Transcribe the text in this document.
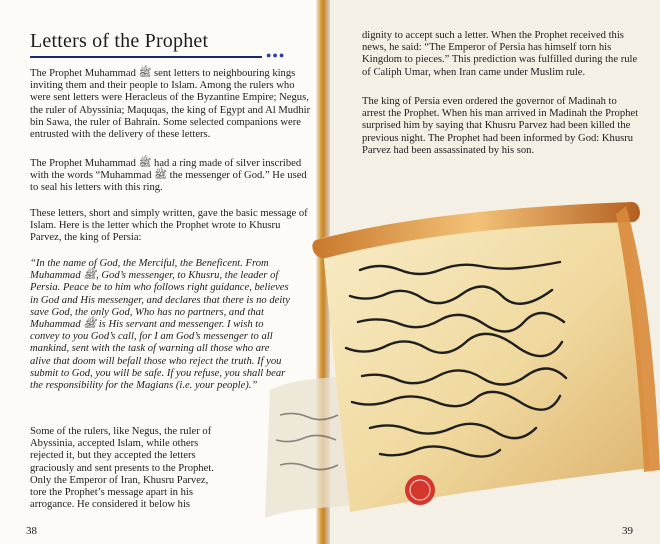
Letters of the Prophet
●●●

The Prophet Muhammad ﷺ sent letters to neighbouring kings inviting them and their people to Islam. Among the rulers who were sent letters were Heracleus of the Byzantine Empire; Negus, the ruler of Abyssinia; Maquqas, the king of Egypt and Al Mudhir bin Sawa, the ruler of Bahrain. Some selected companions were entrusted with the delivery of these letters.

The Prophet Muhammad ﷺ had a ring made of silver inscribed with the words “Muhammad ﷺ the messenger of God.” He used to seal his letters with this ring.

These letters, short and simply written, gave the basic message of Islam. Here is the letter which the Prophet wrote to Khusru Parvez, the king of Persia:

“In the name of God, the Merciful, the Beneficent. From Muhammad ﷺ, God’s messenger, to Khusru, the leader of Persia. Peace be to him who follows right guidance, believes in God and His messenger, and declares that there is no deity save God, the only God, Who has no partners, and that Muhammad ﷺ is His servant and messenger. I wish to convey to you God’s call, for I am God’s messenger to all mankind, sent with the task of warning all those who are alive that doom will befall those who reject the truth. If you submit to God, you will be safe. If you refuse, you shall bear the responsibility for the Magians (i.e. your people).”

Some of the rulers, like Negus, the ruler of Abyssinia, accepted Islam, while others rejected it, but they accepted the letters graciously and sent presents to the Prophet. Only the Emperor of Iran, Khusru Parvez, tore the Prophet’s message apart in his arrogance. He considered it below his

38

dignity to accept such a letter. When the Prophet received this news, he said: “The Emperor of Persia has himself torn his Kingdom to pieces.” This prediction was fulfilled during the rule of Caliph Umar, when Iran came under Muslim rule.

The king of Persia even ordered the governor of Madinah to arrest the Prophet. When his man arrived in Madinah the Prophet surprised him by saying that Khusru Parvez had been killed the previous night. The Prophet had been informed by God: Khusru Parvez had been assassinated by his son.

39
